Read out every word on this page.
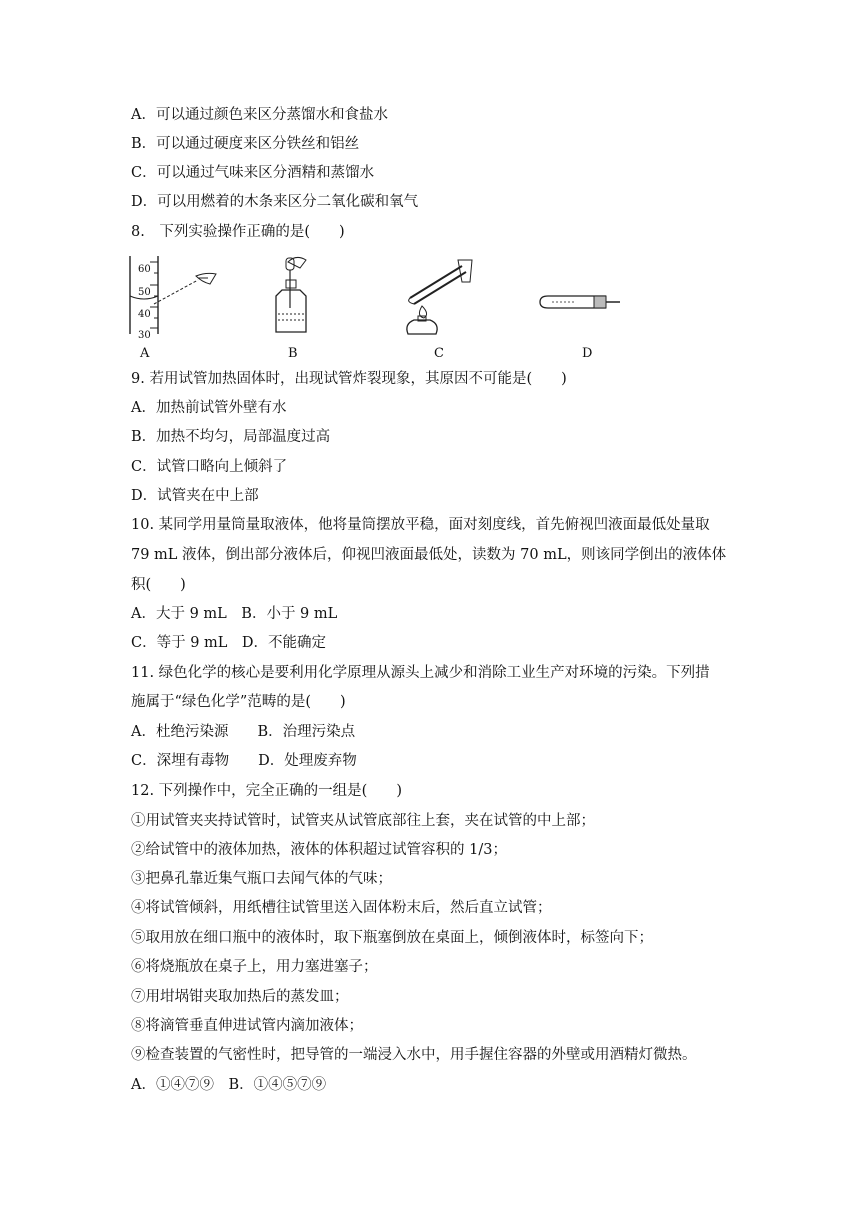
A．可以通过颜色来区分蒸馏水和食盐水
B．可以通过硬度来区分铁丝和铝丝
C．可以通过气味来区分酒精和蒸馏水
D．可以用燃着的木条来区分二氧化碳和氧气
8.　下列实验操作正确的是(　　)
60
50
40
30
A	B	C	D
9. 若用试管加热固体时，出现试管炸裂现象，其原因不可能是(　　)
A．加热前试管外壁有水
B．加热不均匀，局部温度过高
C．试管口略向上倾斜了
D．试管夹在中上部
10. 某同学用量筒量取液体，他将量筒摆放平稳，面对刻度线，首先俯视凹液面最低处量取
79 mL 液体，倒出部分液体后，仰视凹液面最低处，读数为 70 mL，则该同学倒出的液体体
积(　　)
A．大于 9 mL　B．小于 9 mL
C．等于 9 mL　D．不能确定
11. 绿色化学的核心是要利用化学原理从源头上减少和消除工业生产对环境的污染。下列措
施属于“绿色化学”范畴的是(　　)
A．杜绝污染源　　B．治理污染点
C．深埋有毒物　　D．处理废弃物
12. 下列操作中，完全正确的一组是(　　)
①用试管夹夹持试管时，试管夹从试管底部往上套，夹在试管的中上部；
②给试管中的液体加热，液体的体积超过试管容积的 1/3；
③把鼻孔靠近集气瓶口去闻气体的气味；
④将试管倾斜，用纸槽往试管里送入固体粉末后，然后直立试管；
⑤取用放在细口瓶中的液体时，取下瓶塞倒放在桌面上，倾倒液体时，标签向下；
⑥将烧瓶放在桌子上，用力塞进塞子；
⑦用坩埚钳夹取加热后的蒸发皿；
⑧将滴管垂直伸进试管内滴加液体；
⑨检查装置的气密性时，把导管的一端浸入水中，用手握住容器的外壁或用酒精灯微热。
A．①④⑦⑨　B．①④⑤⑦⑨
